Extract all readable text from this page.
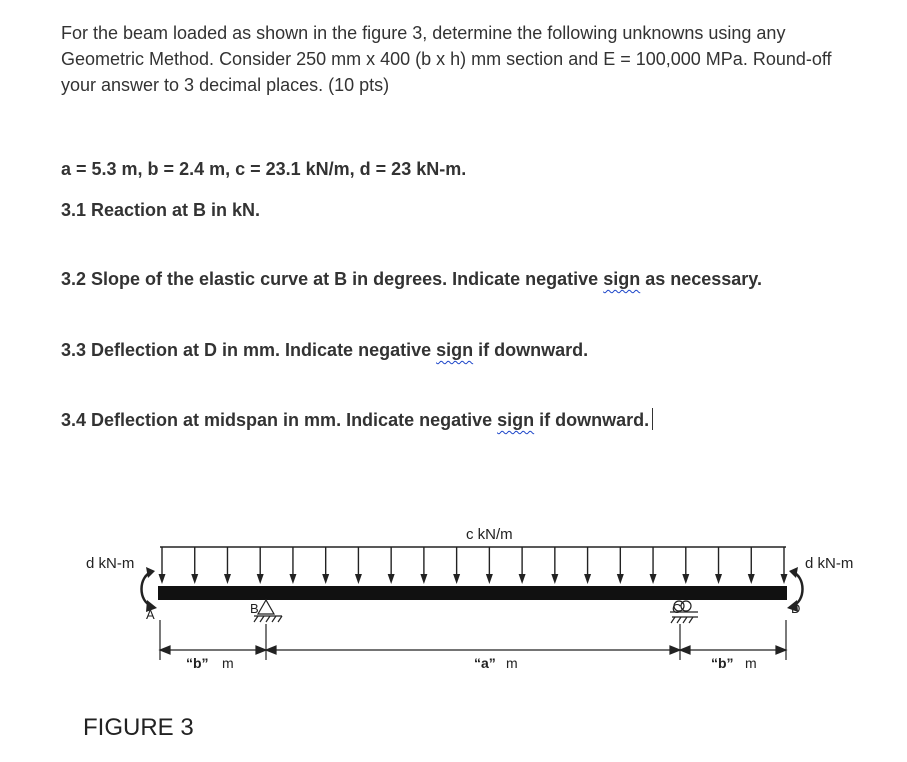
For the beam loaded as shown in the figure 3, determine the following unknowns using any Geometric Method. Consider 250 mm x 400 (b x h) mm section and E = 100,000 MPa. Round-off your answer to 3 decimal places. (10 pts)
a = 5.3 m, b = 2.4 m, c = 23.1 kN/m, d = 23 kN-m.
3.1 Reaction at B in kN.
3.2 Slope of the elastic curve at B in degrees. Indicate negative sign as necessary.
3.3 Deflection at D in mm. Indicate negative sign if downward.
3.4 Deflection at midspan in mm. Indicate negative sign if downward.
c kN/m
d kN-m	d kN-m
A	B	C	D
“b” m	“a” m	“b” m
FIGURE 3
